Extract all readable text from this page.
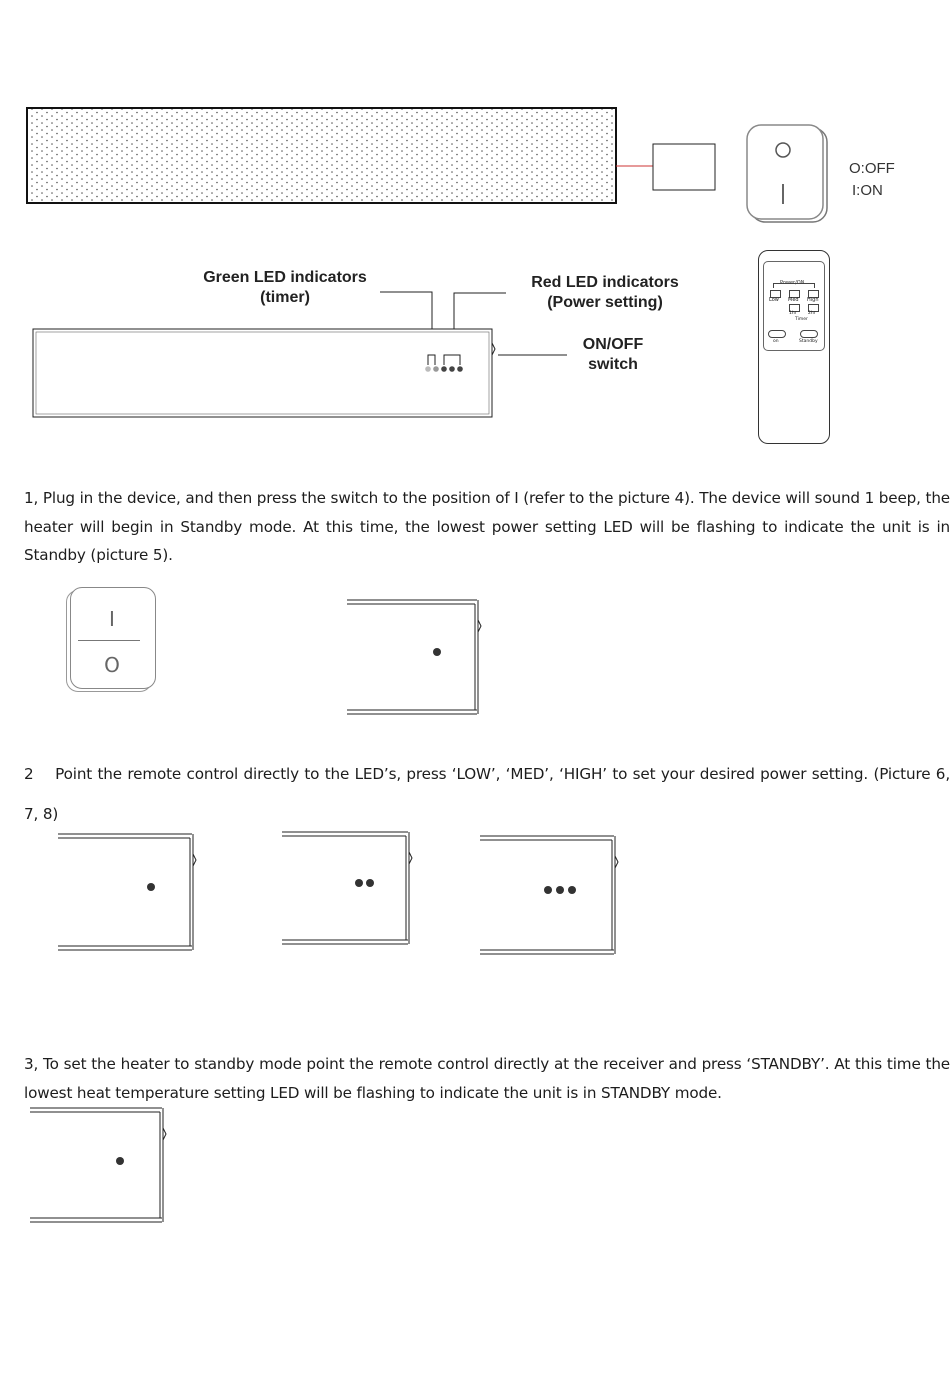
O:OFF
I:ON
Green LED indicators
(timer)
Red LED indicators
(Power setting)
ON/OFF
switch
Power/ON
Low Med High
1hr	2hr
Timer
on	Standby
1, Plug in the device, and then press the switch to the position of I (refer to the picture 4). The device will sound 1 beep, the heater will begin in Standby mode. At this time, the lowest power setting LED will be flashing to indicate the unit is in Standby (picture 5).
I
O
2    Point the remote control directly to the LED’s, press ‘LOW’, ‘MED’, ‘HIGH’ to set your desired power setting. (Picture 6, 7, 8)
3, To set the heater to standby mode point the remote control directly at the receiver and press ‘STANDBY’. At this time the lowest heat temperature setting LED will be flashing to indicate the unit is in STANDBY mode.
